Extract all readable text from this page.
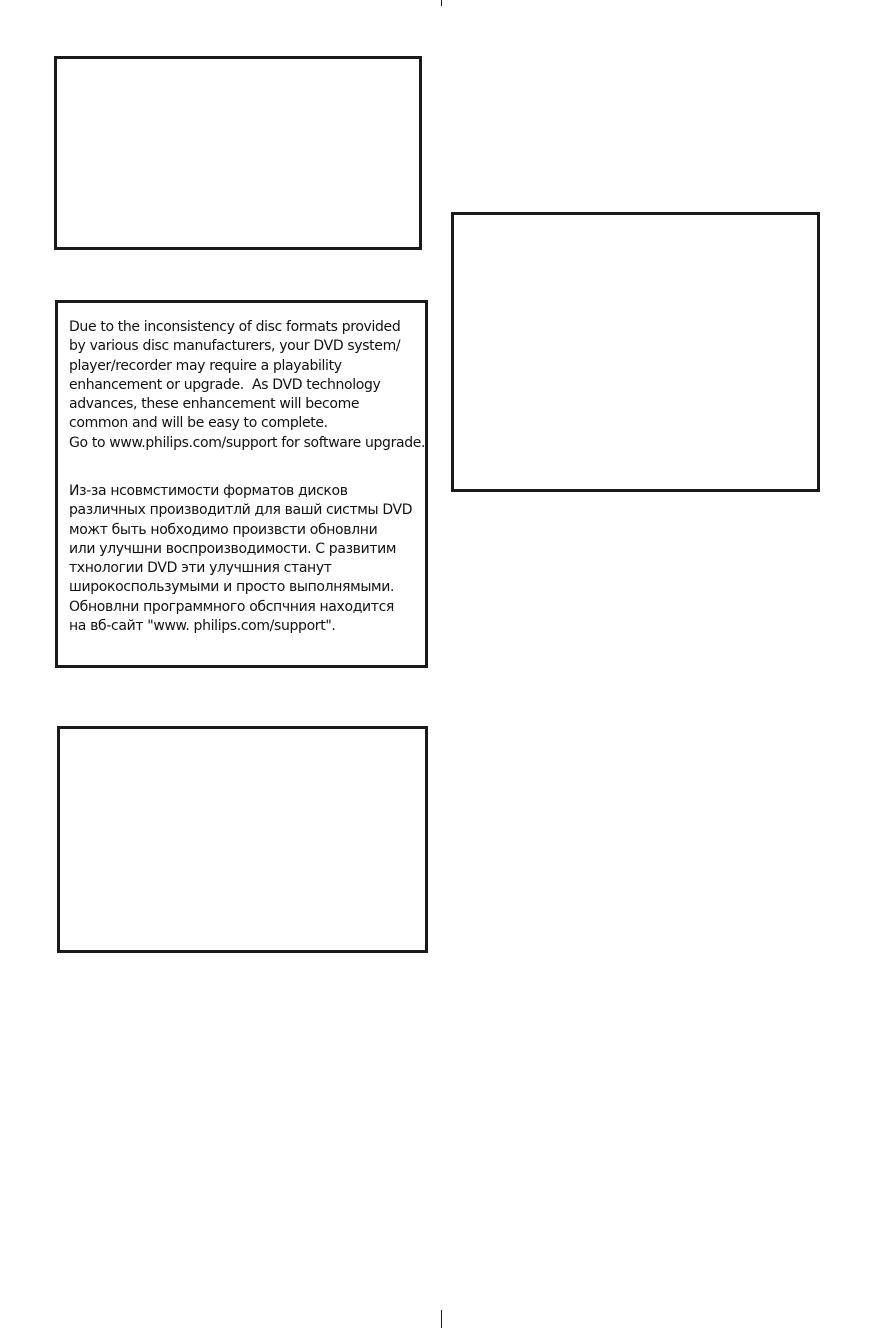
Due to the inconsistency of disc formats provided
by various disc manufacturers, your DVD system/
player/recorder may require a playability
enhancement or upgrade.  As DVD technology
advances, these enhancement will become
common and will be easy to complete.
Go to www.philips.com/support for software upgrade.
Из-за нсовмстимости форматов дисков
различных производитлй для вашй систмы DVD
можт быть нобходимо произвсти обновлни
или улучшни воспроизводимости. С развитим
тхнологии DVD эти улучшния станут
широкоспользумыми и просто выполнямыми.
Обновлни программного обспчния находится
на вб-сайт "www. philips.com/support".
